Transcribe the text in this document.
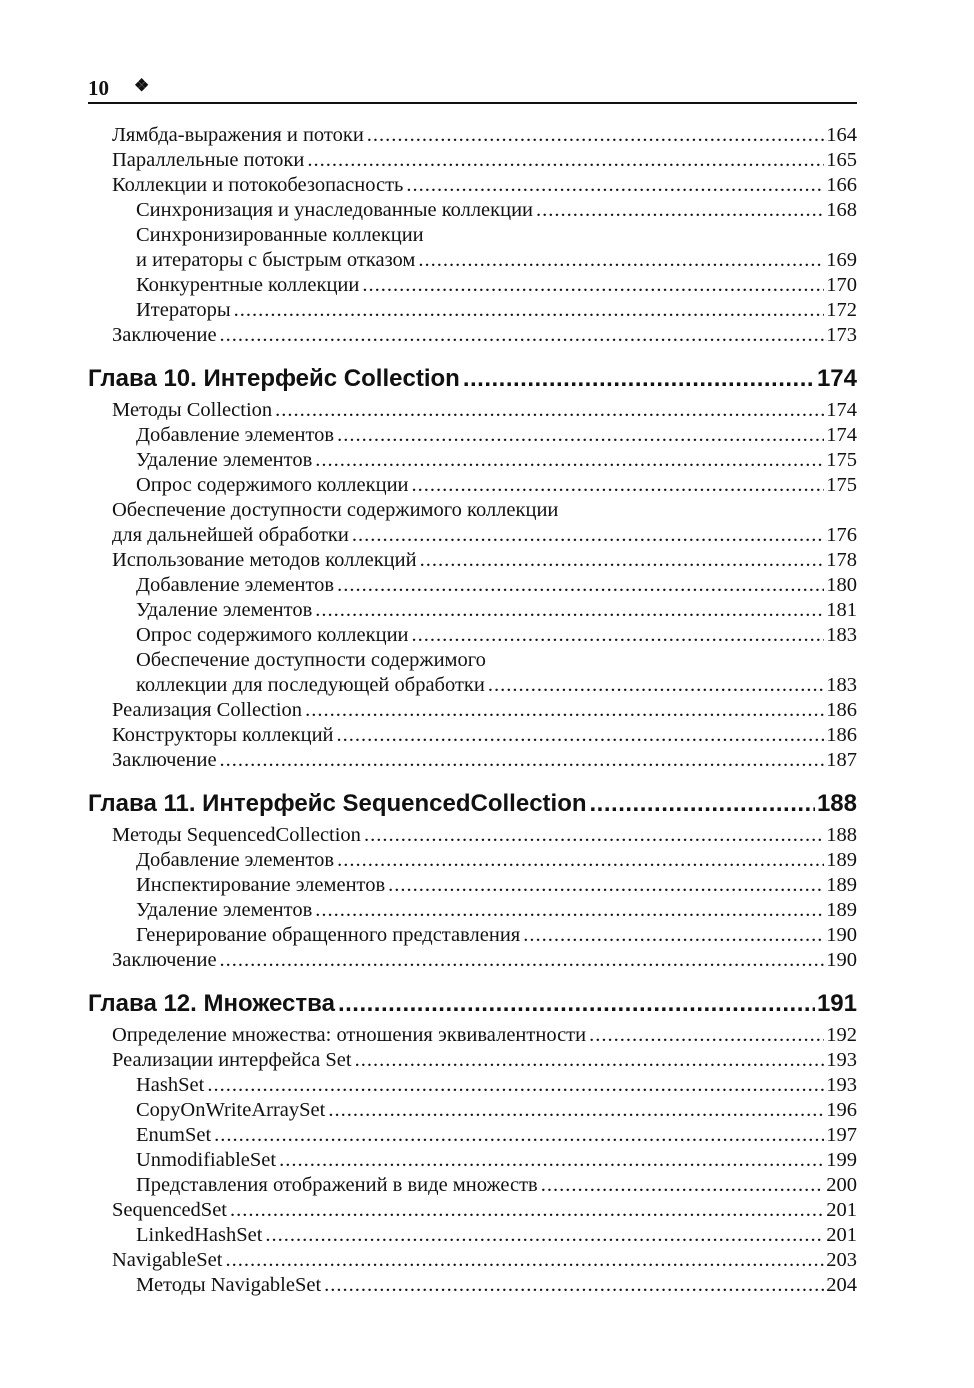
10 ❖
Лямбда-выражения и потоки .....	164
Параллельные потоки .....	165
Коллекции и потокобезопасность .....	166
Синхронизация и унаследованные коллекции .....	168
Синхронизированные коллекции
и итераторы с быстрым отказом .....	169
Конкурентные коллекции .....	170
Итераторы .....	172
Заключение .....	173
Глава 10. Интерфейс Collection .....	174
Методы Collection .....	174
Добавление элементов .....	174
Удаление элементов .....	175
Опрос содержимого коллекции .....	175
Обеспечение доступности содержимого коллекции
для дальнейшей обработки .....	176
Использование методов коллекций .....	178
Добавление элементов .....	180
Удаление элементов .....	181
Опрос содержимого коллекции .....	183
Обеспечение доступности содержимого
коллекции для последующей обработки .....	183
Реализация Collection .....	186
Конструкторы коллекций .....	186
Заключение .....	187
Глава 11. Интерфейс SequencedCollection .....	188
Методы SequencedCollection .....	188
Добавление элементов .....	189
Инспектирование элементов .....	189
Удаление элементов .....	189
Генерирование обращенного представления .....	190
Заключение .....	190
Глава 12. Множества .....	191
Определение множества: отношения эквивалентности .....	192
Реализации интерфейса Set .....	193
HashSet .....	193
CopyOnWriteArraySet .....	196
EnumSet .....	197
UnmodifiableSet .....	199
Представления отображений в виде множеств .....	200
SequencedSet .....	201
LinkedHashSet .....	201
NavigableSet .....	203
Методы NavigableSet .....	204
